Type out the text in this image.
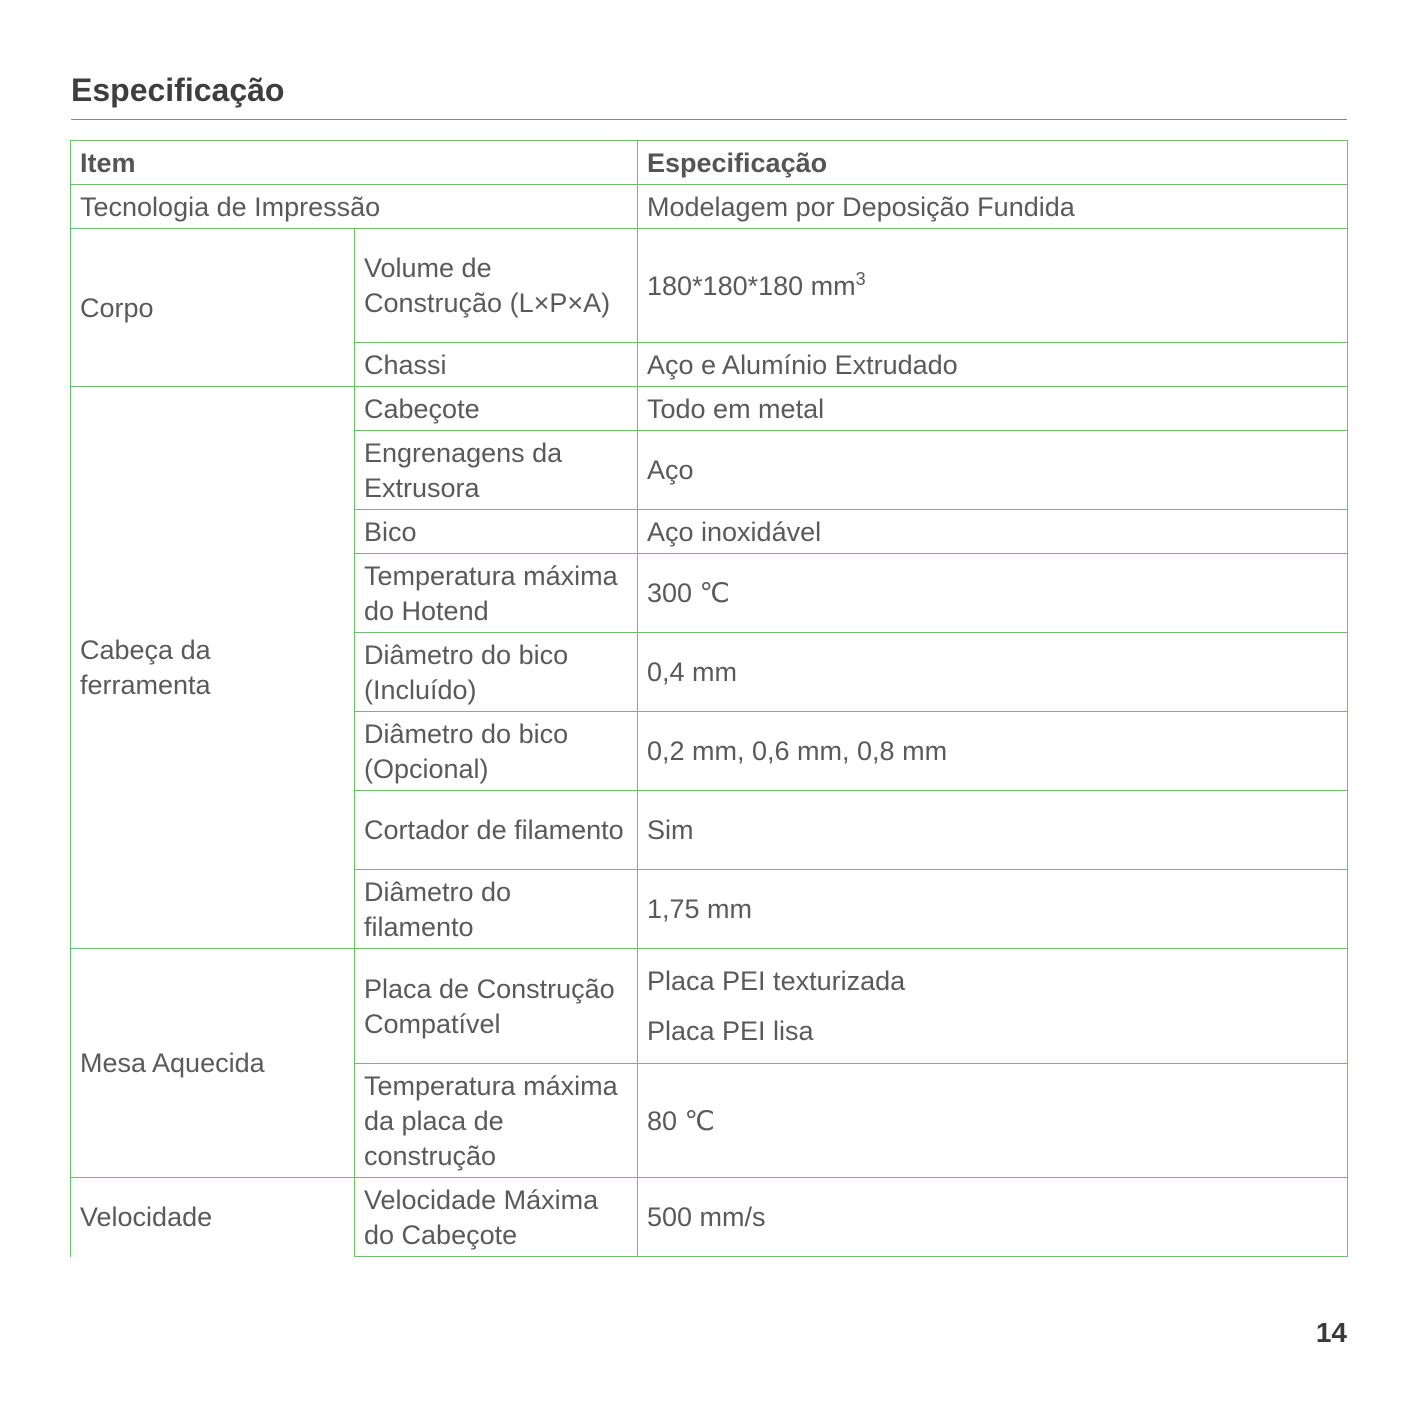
Especificação
Item		Especificação
Tecnologia de Impressão		Modelagem por Deposição Fundida
Corpo	Volume de Construção (L×P×A)	180*180*180 $mm^3$
	Chassi	Aço e Alumínio Extrudado
Cabeça da ferramenta	Cabeçote	Todo em metal
	Engrenagens da Extrusora	Aço
	Bico	Aço inoxidável
	Temperatura máxima do Hotend	300 ℃
	Diâmetro do bico (Incluído)	0,4 mm
	Diâmetro do bico (Opcional)	0,2 mm, 0,6 mm, 0,8 mm
	Cortador de filamento	Sim
	Diâmetro do filamento	1,75 mm
Mesa Aquecida	Placa de Construção Compatível	Placa PEI texturizada
Placa PEI lisa

	Temperatura máxima da placa de construção	80 ℃
Velocidade	Velocidade Máxima do Cabeçote	500 mm/s
14
